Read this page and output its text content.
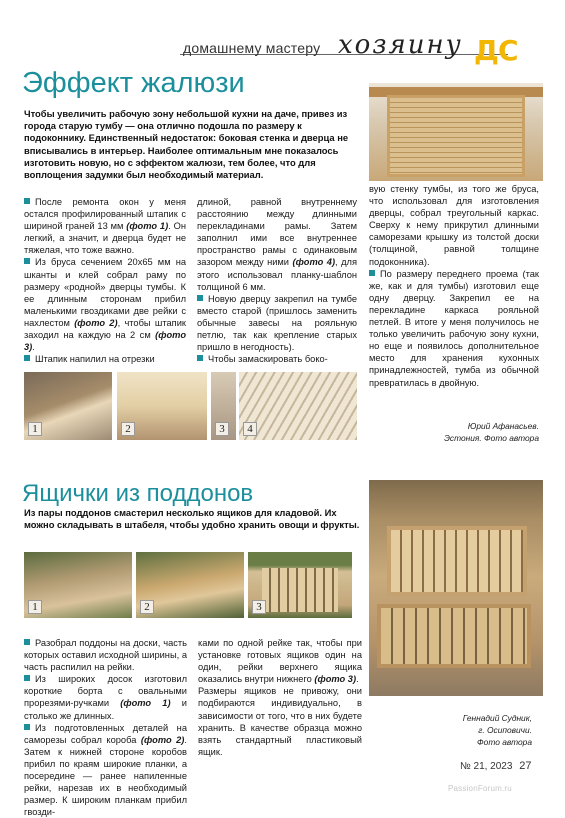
домашнему мастеру хозяину ДС
Эффект жалюзи
Чтобы увеличить рабочую зону небольшой кухни на даче, привез из города старую тумбу — она отлично подошла по размеру к подоконнику. Единственный недостаток: боковая стенка и дверца не вписывались в интерьер. Наиболее оптимальным мне показалось изготовить новую, но с эффектом жалюзи, тем более, что для воплощения задумки был необходимый материал.

После ремонта окон у меня остался профилированный штапик с шириной граней 13 мм (фото 1). Он легкий, а значит, и дверца будет не тяжелая, что тоже важно.

Из бруса сечением 20х65 мм на шканты и клей собрал раму по размеру «родной» дверцы тумбы. К ее длинным сторонам прибил маленькими гвоздиками две рейки с нахлестом (фото 2), чтобы штапик заходил на каждую на 2 см (фото 3).

Штапик напилил на отрезки

длиной, равной внутреннему расстоянию между длинными перекладинами рамы. Затем заполнил ими все внутреннее пространство рамы с одинаковым зазором между ними (фото 4), для этого использовал планку-шаблон толщиной 6 мм.

Новую дверцу закрепил на тумбе вместо старой (пришлось заменить обычные завесы на рояльную петлю, так как крепление старых пришло в негодность).

Чтобы замаскировать боко-

вую стенку тумбы, из того же бруса, что использовал для изготовления дверцы, собрал треугольный каркас. Сверху к нему прикрутил длинными саморезами крышку из толстой доски (толщиной, равной толщине подоконника).

По размеру переднего проема (так же, как и для тумбы) изготовил еще одну дверцу. Закрепил ее на перекладине каркаса рояльной петлей. В итоге у меня получилось не только увеличить рабочую зону кухни, но еще и появилось дополнительное место для хранения кухонных принадлежностей, тумба из обычной превратилась в двойную.

Юрий Афанасьев.
Эстония. Фото автора
1	2	3	4
Ящички из поддонов
Из пары поддонов смастерил несколько ящиков для кладовой. Их можно складывать в штабеля, чтобы удобно хранить овощи и фрукты.
1	2	3

Разобрал поддоны на доски, часть которых оставил исходной ширины, а часть распилил на рейки.

Из широких досок изготовил короткие борта с овальными прорезями-ручками (фото 1) и столько же длинных.

Из подготовленных деталей на саморезы собрал короба (фото 2). Затем к нижней стороне коробов прибил по краям широкие планки, а посередине — ранее напиленные рейки, нарезав их в необходимый размер. К широким планкам прибил гвозди-

ками по одной рейке так, чтобы при установке готовых ящиков один на один, рейки верхнего ящика оказались внутри нижнего (фото 3).

Размеры ящиков не привожу, они подбираются индивидуально, в зависимости от того, что в них будете хранить. В качестве образца можно взять стандартный пластиковый ящик.

Геннадий Судник,
г. Осиповичи.
Фото автора
№ 21, 2023 27
PassionForum.ru
